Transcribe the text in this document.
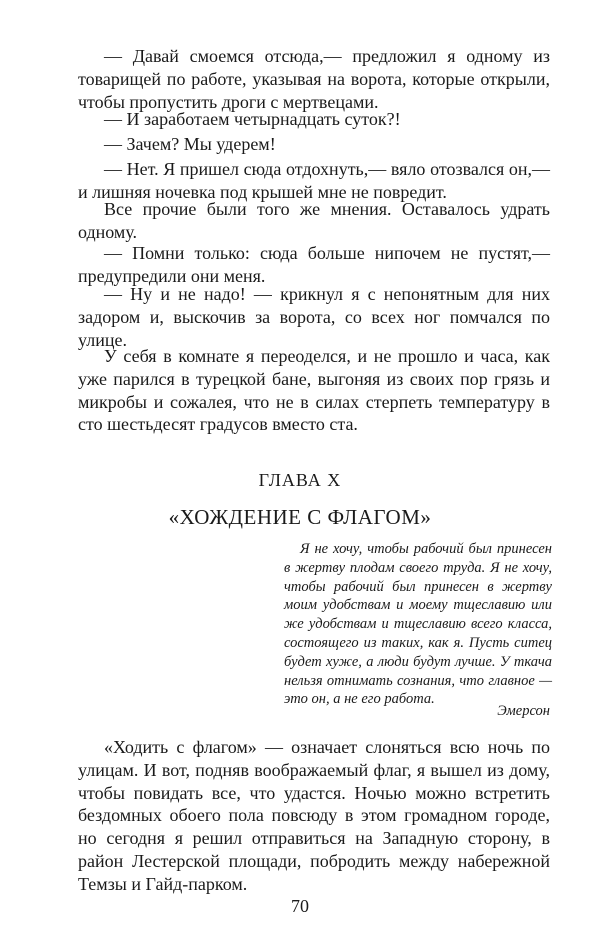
— Давай смоемся отсюда,— предложил я одному из товарищей по работе, указывая на ворота, которые открыли, чтобы пропустить дроги с мертвецами.

— И заработаем четырнадцать суток?!

— Зачем? Мы удерем!

— Нет. Я пришел сюда отдохнуть,— вяло отозвался он,— и лишняя ночевка под крышей мне не повредит.

Все прочие были того же мнения. Оставалось удрать одному.

— Помни только: сюда больше нипочем не пустят,— предупредили они меня.

— Ну и не надо! — крикнул я с непонятным для них задором и, выскочив за ворота, со всех ног помчался по улице.

У себя в комнате я переоделся, и не прошло и часа, как уже парился в турецкой бане, выгоняя из своих пор грязь и микробы и сожалея, что не в силах стерпеть температуру в сто шестьдесят градусов вместо ста.

ГЛАВА X

«ХОЖДЕНИЕ С ФЛАГОМ»

Я не хочу, чтобы рабочий был принесен в жертву плодам своего труда. Я не хочу, чтобы рабочий был принесен в жертву моим удобствам и моему тщеславию или же удобствам и тщеславию всего класса, состоящего из таких, как я. Пусть ситец будет хуже, а люди будут лучше. У ткача нельзя отнимать сознания, что главное — это он, а не его работа.

Эмерсон

«Ходить с флагом» — означает слоняться всю ночь по улицам. И вот, подняв воображаемый флаг, я вышел из дому, чтобы повидать все, что удастся. Ночью можно встретить бездомных обоего пола повсюду в этом громадном городе, но сегодня я решил отправиться на Западную сторону, в район Лестерской площади, побродить между набережной Темзы и Гайд-парком.

70
